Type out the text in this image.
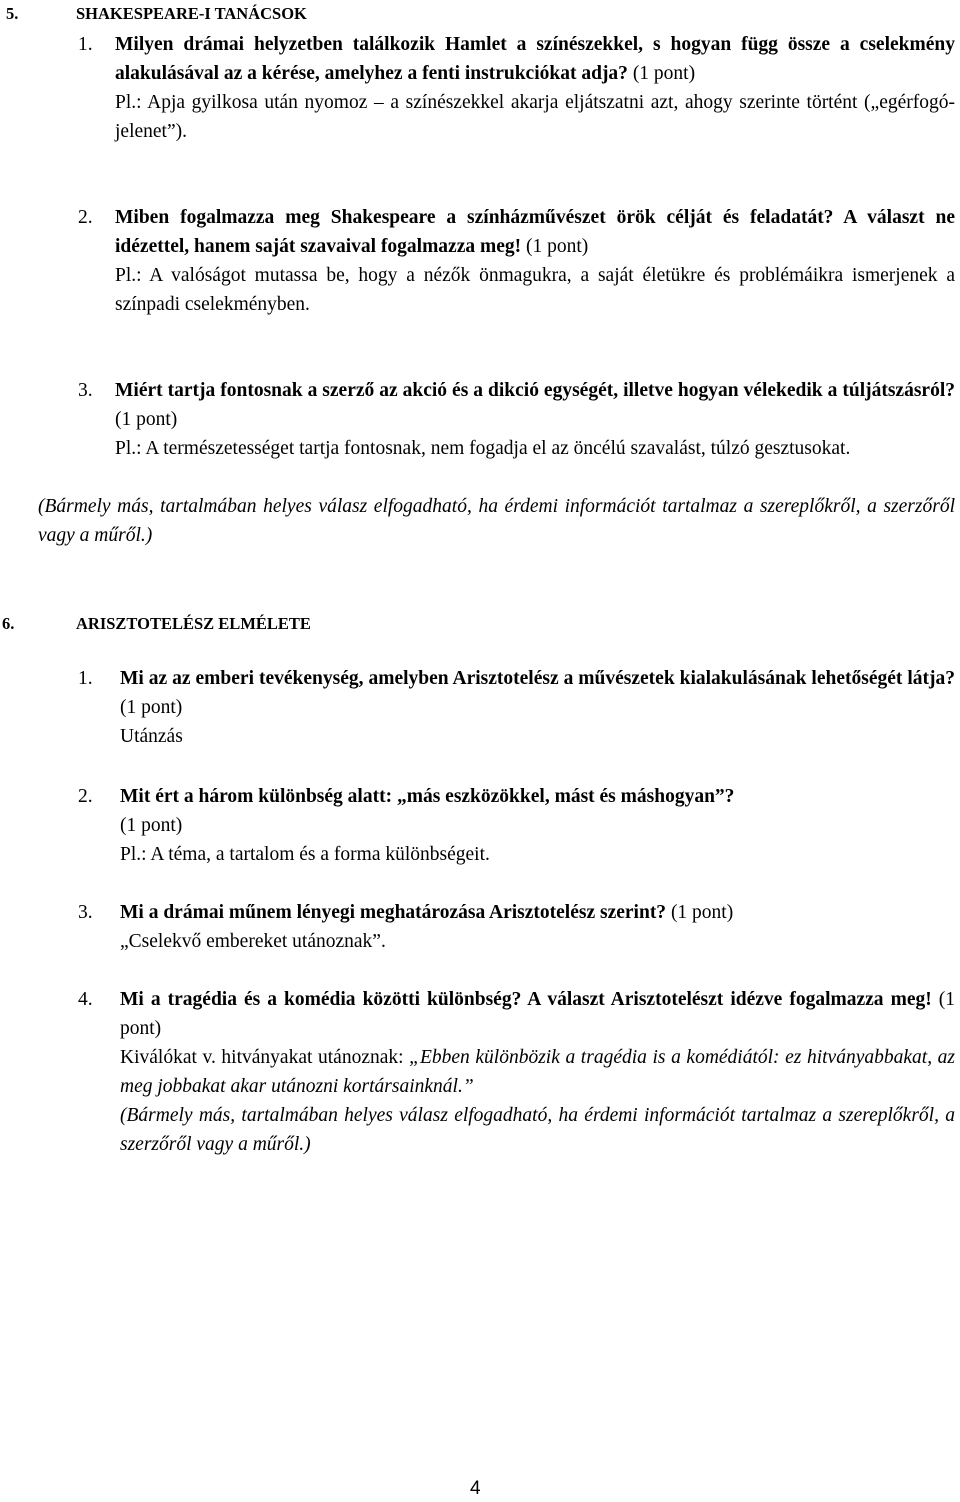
5.	SHAKESPEARE-I TANÁCSOK
1. Milyen drámai helyzetben találkozik Hamlet a színészekkel, s hogyan függ össze a cselekmény alakulásával az a kérése, amelyhez a fenti instrukciókat adja? (1 pont)
Pl.: Apja gyilkosa után nyomoz – a színészekkel akarja eljátszatni azt, ahogy szerinte történt („egérfogó-jelenet”).
2. Miben fogalmazza meg Shakespeare a színházművészet örök célját és feladatát? A választ ne idézettel, hanem saját szavaival fogalmazza meg! (1 pont)
Pl.: A valóságot mutassa be, hogy a nézők önmagukra, a saját életükre és problémáikra ismerjenek a színpadi cselekményben.
3. Miért tartja fontosnak a szerző az akció és a dikció egységét, illetve hogyan vélekedik a túljátszásról? (1 pont)
Pl.: A természetességet tartja fontosnak, nem fogadja el az öncélú szavalást, túlzó gesztusokat.
(Bármely más, tartalmában helyes válasz elfogadható, ha érdemi információt tartalmaz a szereplőkről, a szerzőről vagy a műről.)
6.	ARISZTOTELÉSZ ELMÉLETE
1. Mi az az emberi tevékenység, amelyben Arisztotelész a művészetek kialakulásának lehetőségét látja? (1 pont)
Utánzás
2. Mit ért a három különbség alatt: „más eszközökkel, mást és máshogyan”?
(1 pont)
Pl.: A téma, a tartalom és a forma különbségeit.
3. Mi a drámai műnem lényegi meghatározása Arisztotelész szerint? (1 pont)
„Cselekvő embereket utánoznak”.
4. Mi a tragédia és a komédia közötti különbség? A választ Arisztotelészt idézve fogalmazza meg! (1 pont)
Kiválókat v. hitványakat utánoznak: „Ebben különbözik a tragédia is a komédiától: ez hitványabbakat, az meg jobbakat akar utánozni kortársainknál.”
(Bármely más, tartalmában helyes válasz elfogadható, ha érdemi információt tartalmaz a szereplőkről, a szerzőről vagy a műről.)
4
